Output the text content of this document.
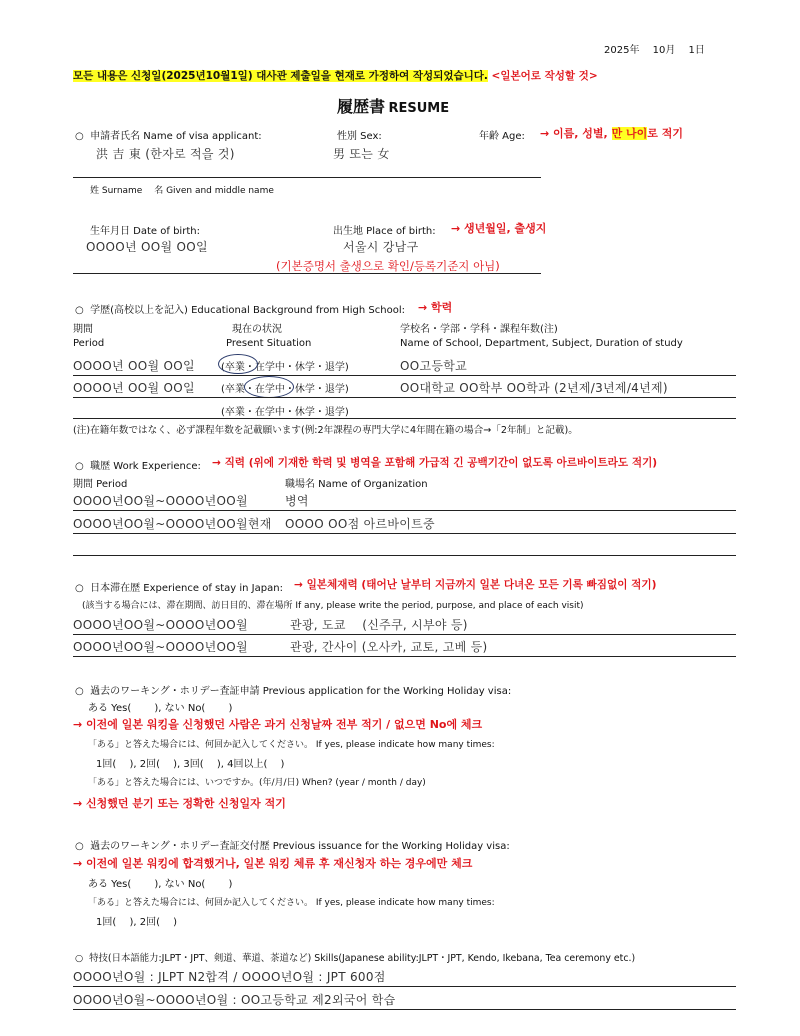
2025年　 10月　 1日
모든 내용은 신청일(2025년10월1일) 대사관 제출일을 현재로 가정하여 작성되었습니다. <일본어로 작성할 것>
履歴書 RESUME
○ 申請者氏名 Name of visa applicant:	性別 Sex:	年齢 Age: → 이름, 성별, 만 나이로 적기
洪 吉 東 (한자로 적을 것)	男 또는 女
姓 Surname　 名 Given and middle name
生年月日 Date of birth:	出生地 Place of birth: → 생년월일, 출생지
OOOO년 OO월 OO일	서울시 강남구
(기본증명서 출생으로 확인/등록기준지 아님)
○ 学歴(高校以上を記入) Educational Background from High School: → 학력
期間	現在の状況	学校名・学部・学科・課程年数(注)
Period	Present Situation	Name of School, Department, Subject, Duration of study
OOOO년 OO월 OO일	(卒業・在学中・休学・退学)	OO고등학교
OOOO년 OO월 OO일	(卒業・在学中・休学・退学)	OO대학교 OO학부 OO학과 (2년제/3년제/4년제)
(卒業・在学中・休学・退学)
(注)在籍年数ではなく、必ず課程年数を記載願います(例:2年課程の専門大学に4年間在籍の場合→「2年制」と記載)。
○ 職歴 Work Experience: → 직력 (위에 기재한 학력 및 병역을 포함해 가급적 긴 공백기간이 없도록 아르바이트라도 적기)
期間 Period	職場名 Name of Organization
OOOO년OO월~OOOO년OO월	병역
OOOO년OO월~OOOO년OO월현재 OOOO OO점 아르바이트중
○ 日本滞在歴 Experience of stay in Japan: → 일본체재력 (태어난 날부터 지금까지 일본 다녀온 모든 기록 빠짐없이 적기)
(該当する場合には、滞在期間、訪日目的、滞在場所 If any, please write the period, purpose, and place of each visit)
OOOO년OO월~OOOO년OO월	관광, 도쿄　 (신주쿠, 시부야 등)
OOOO년OO월~OOOO년OO월	관광, 간사이 (오사카, 교토, 고베 등)
○ 過去のワーキング・ホリデー査証申請 Previous application for the Working Holiday visa:
ある Yes(　　 ), ない No(　　 )
→ 이전에 일본 워킹을 신청했던 사람은 과거 신청날짜 전부 적기 / 없으면 No에 체크
「ある」と答えた場合には、何回か記入してください。 If yes, please indicate how many times:
1回(　 ), 2回(　 ), 3回(　 ), 4回以上(　 )
「ある」と答えた場合には、いつですか。(年/月/日) When? (year / month / day)
→ 신청했던 분기 또는 정확한 신청일자 적기
○ 過去のワーキング・ホリデー査証交付歴 Previous issuance for the Working Holiday visa:
→ 이전에 일본 워킹에 합격했거나, 일본 워킹 체류 후 재신청자 하는 경우에만 체크
ある Yes(　　 ), ない No(　　 )
「ある」と答えた場合には、何回か記入してください。 If yes, please indicate how many times:
1回(　 ), 2回(　 )
○ 特技(日本語能力:JLPT・JPT、剣道、華道、茶道など) Skills(Japanese ability:JLPT・JPT, Kendo, Ikebana, Tea ceremony etc.)
OOOO년O월 : JLPT N2합격 / OOOO년O월 : JPT 600점
OOOO년O월~OOOO년O월 : OO고등학교 제2외국어 학습
